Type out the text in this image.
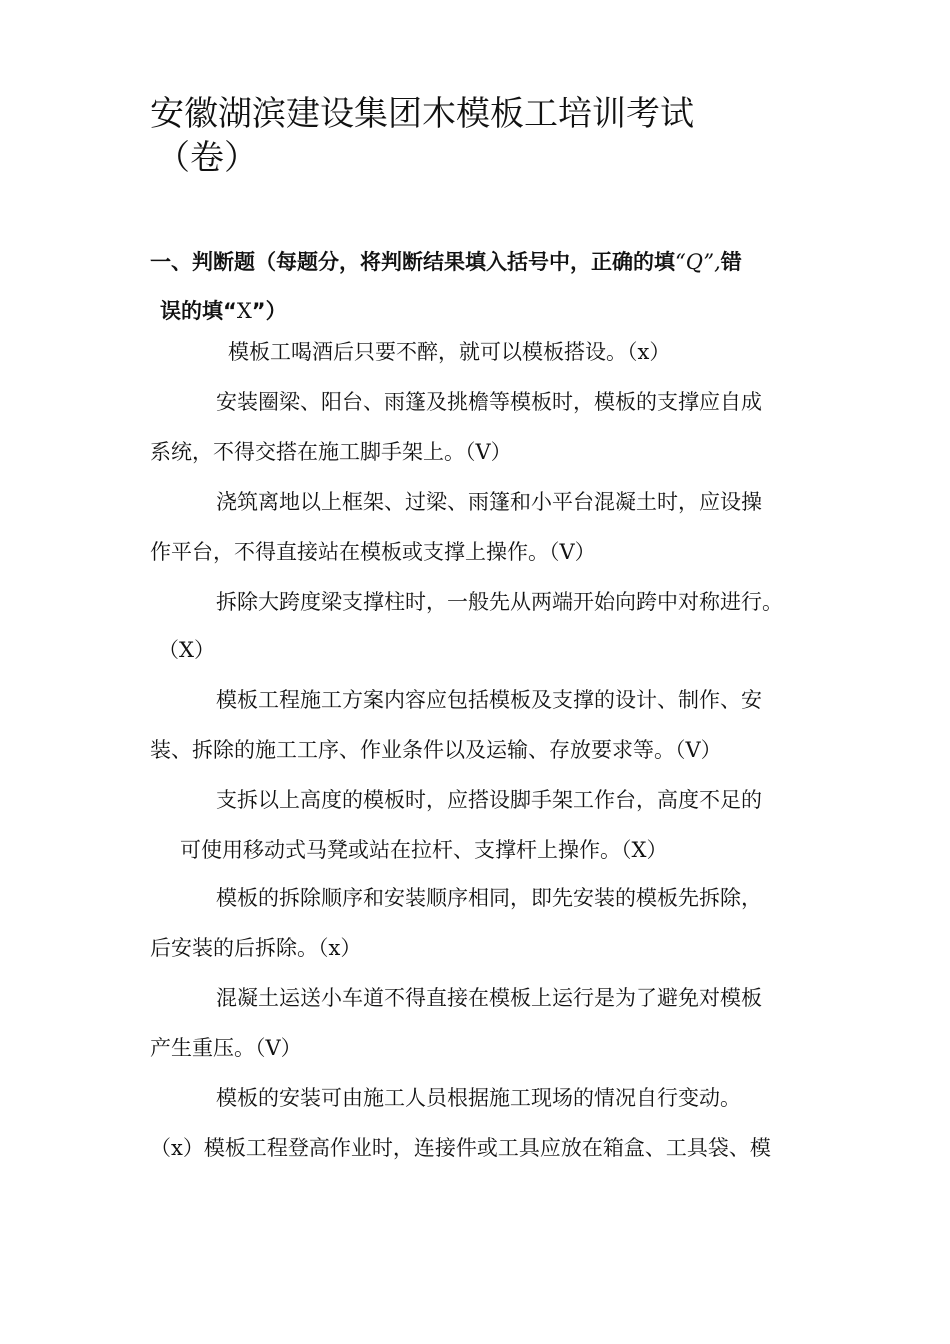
安徽湖滨建设集团木模板工培训考试
（卷）
一、判断题（每题分，将判断结果填入括号中，正确的填“Q”,错
误的填“X”）

模板工喝酒后只要不醉，就可以模板搭设。（x）

安装圈梁、阳台、雨篷及挑檐等模板时，模板的支撑应自成

系统，不得交搭在施工脚手架上。（V）

浇筑离地以上框架、过梁、雨篷和小平台混凝土时，应设操

作平台，不得直接站在模板或支撑上操作。（V）

拆除大跨度梁支撑柱时，一般先从两端开始向跨中对称进行。

（X）

模板工程施工方案内容应包括模板及支撑的设计、制作、安

装、拆除的施工工序、作业条件以及运输、存放要求等。（V）

支拆以上高度的模板时，应搭设脚手架工作台，高度不足的

可使用移动式马凳或站在拉杆、支撑杆上操作。（X）

模板的拆除顺序和安装顺序相同，即先安装的模板先拆除，

后安装的后拆除。（x）

混凝土运送小车道不得直接在模板上运行是为了避免对模板

产生重压。（V）

模板的安装可由施工人员根据施工现场的情况自行变动。

（x）模板工程登高作业时，连接件或工具应放在箱盒、工具袋、模
